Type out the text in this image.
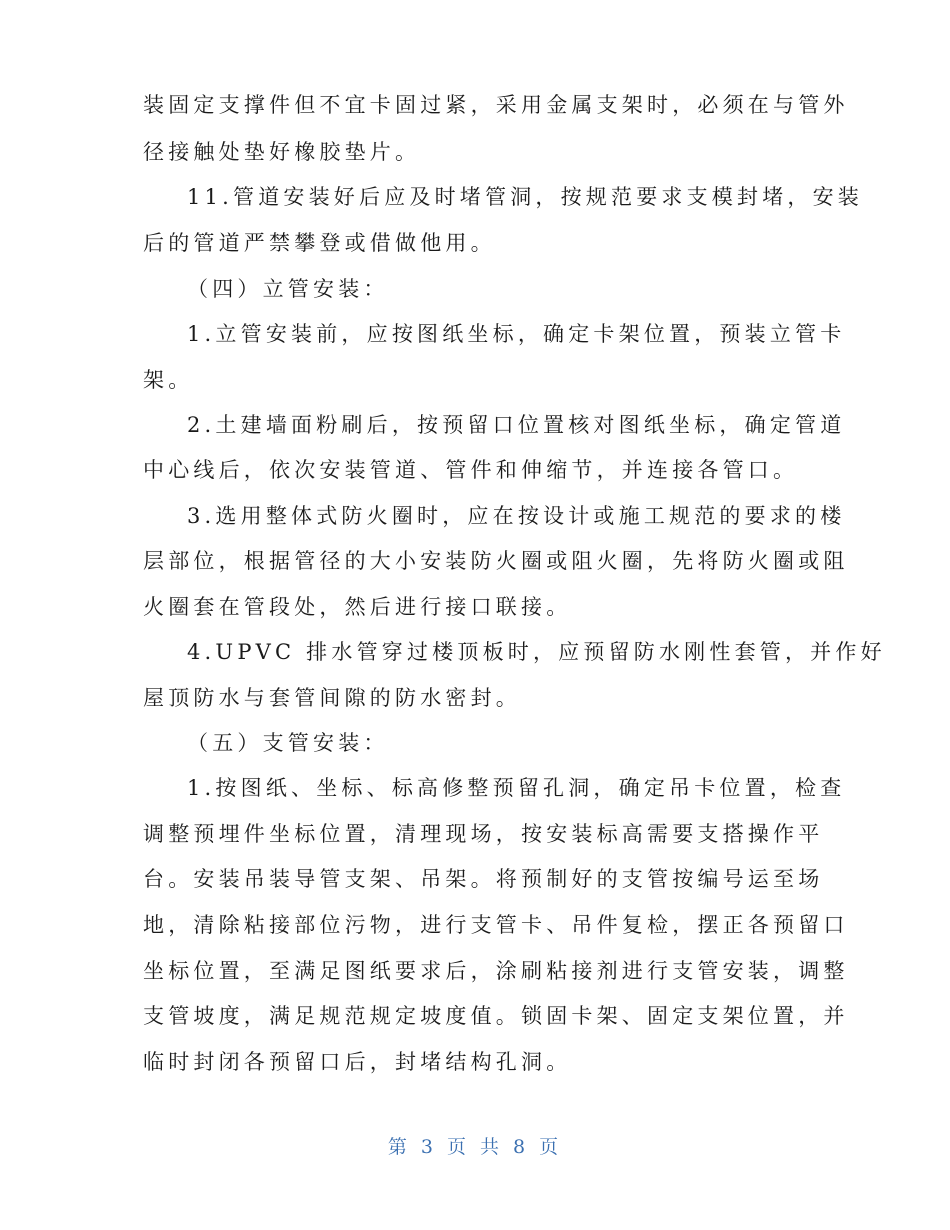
装固定支撑件但不宜卡固过紧，采用金属支架时，必须在与管外
径接触处垫好橡胶垫片。
11.管道安装好后应及时堵管洞，按规范要求支模封堵，安装
后的管道严禁攀登或借做他用。
（四）立管安装：
1.立管安装前，应按图纸坐标，确定卡架位置，预装立管卡
架。
2.土建墙面粉刷后，按预留口位置核对图纸坐标，确定管道
中心线后，依次安装管道、管件和伸缩节，并连接各管口。
3.选用整体式防火圈时，应在按设计或施工规范的要求的楼
层部位，根据管径的大小安装防火圈或阻火圈，先将防火圈或阻
火圈套在管段处，然后进行接口联接。
4.UPVC 排水管穿过楼顶板时，应预留防水刚性套管，并作好
屋顶防水与套管间隙的防水密封。
（五）支管安装：
1.按图纸、坐标、标高修整预留孔洞，确定吊卡位置，检查
调整预埋件坐标位置，清理现场，按安装标高需要支搭操作平
台。安装吊装导管支架、吊架。将预制好的支管按编号运至场
地，清除粘接部位污物，进行支管卡、吊件复检，摆正各预留口
坐标位置，至满足图纸要求后，涂刷粘接剂进行支管安装，调整
支管坡度，满足规范规定坡度值。锁固卡架、固定支架位置，并
临时封闭各预留口后，封堵结构孔洞。
第 3 页 共 8 页
